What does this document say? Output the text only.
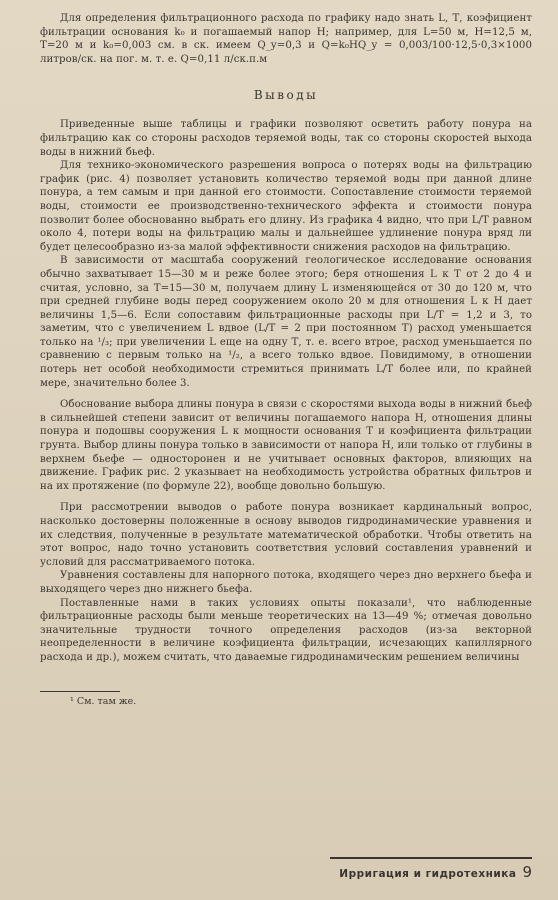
Для определения фильтрационного расхода по графику надо знать L, Т, коэфициент фильтрации основания k₀ и погашаемый напор Н; например, для L=50 м, Н=12,5 м, Т=20 м и k₀=0,003 см. в ск. имеем Q_y=0,3 и Q=k₀HQ_y = 0,003/100·12,5·0,3×1000 литров/ск. на пог. м. т. е. Q=0,11 л/ск.п.м

Выводы

Приведенные выше таблицы и графики позволяют осветить работу понура на фильтрацию как со стороны расходов теряемой воды, так со стороны скоростей выхода воды в нижний бьеф.

Для технико-экономического разрешения вопроса о потерях воды на фильтрацию график (рис. 4) позволяет установить количество теряемой воды при данной длине понура, а тем самым и при данной его стоимости. Сопоставление стоимости теряемой воды, стоимости ее производственно-технического эффекта и стоимости понура позволит более обоснованно выбрать его длину. Из графика 4 видно, что при L/T равном около 4, потери воды на фильтрацию малы и дальнейшее удлинение понура вряд ли будет целесообразно из-за малой эффективности снижения расходов на фильтрацию.

В зависимости от масштаба сооружений геологическое исследование основания обычно захватывает 15—30 м и реже более этого; беря отношения L к Т от 2 до 4 и считая, условно, за Т=15—30 м, получаем длину L изменяющейся от 30 до 120 м, что при средней глубине воды перед сооружением около 20 м для отношения L к Н дает величины 1,5—6. Если сопоставим фильтрационные расходы при L/T = 1,2 и 3, то заметим, что с увеличением L вдвое (L/T = 2 при постоянном Т) расход уменьшается только на ¹/₃; при увеличении L еще на одну Т, т. е. всего втрое, расход уменьшается по сравнению с первым только на ¹/₂, а всего только вдвое. Повидимому, в отношении потерь нет особой необходимости стремиться принимать L/T более или, по крайней мере, значительно более 3.

Обоснование выбора длины понура в связи с скоростями выхода воды в нижний бьеф в сильнейшей степени зависит от величины погашаемого напора Н, отношения длины понура и подошвы сооружения L к мощности основания Т и коэфициента фильтрации грунта. Выбор длины понура только в зависимости от напора Н, или только от глубины в верхнем бьефе — односторонен и не учитывает основных факторов, влияющих на движение. График рис. 2 указывает на необходимость устройства обратных фильтров и на их протяжение (по формуле 22), вообще довольно большую.

При рассмотрении выводов о работе понура возникает кардинальный вопрос, насколько достоверны положенные в основу выводов гидродинамические уравнения и их следствия, полученные в результате математической обработки. Чтобы ответить на этот вопрос, надо точно установить соответствия условий составления уравнений и условий для рассматриваемого потока.

Уравнения составлены для напорного потока, входящего через дно верхнего бьефа и выходящего через дно нижнего бьефа.

Поставленные нами в таких условиях опыты показали¹, что наблюденные фильтрационные расходы были меньше теоретических на 13—49 %; отмечая довольно значительные трудности точного определения расходов (из-за векторной неопределенности в величине коэфициента фильтрации, исчезающих капиллярного расхода и др.), можем считать, что даваемые гидродинамическим решением величины

¹ См. там же.

Ирригация и гидротехника 9
